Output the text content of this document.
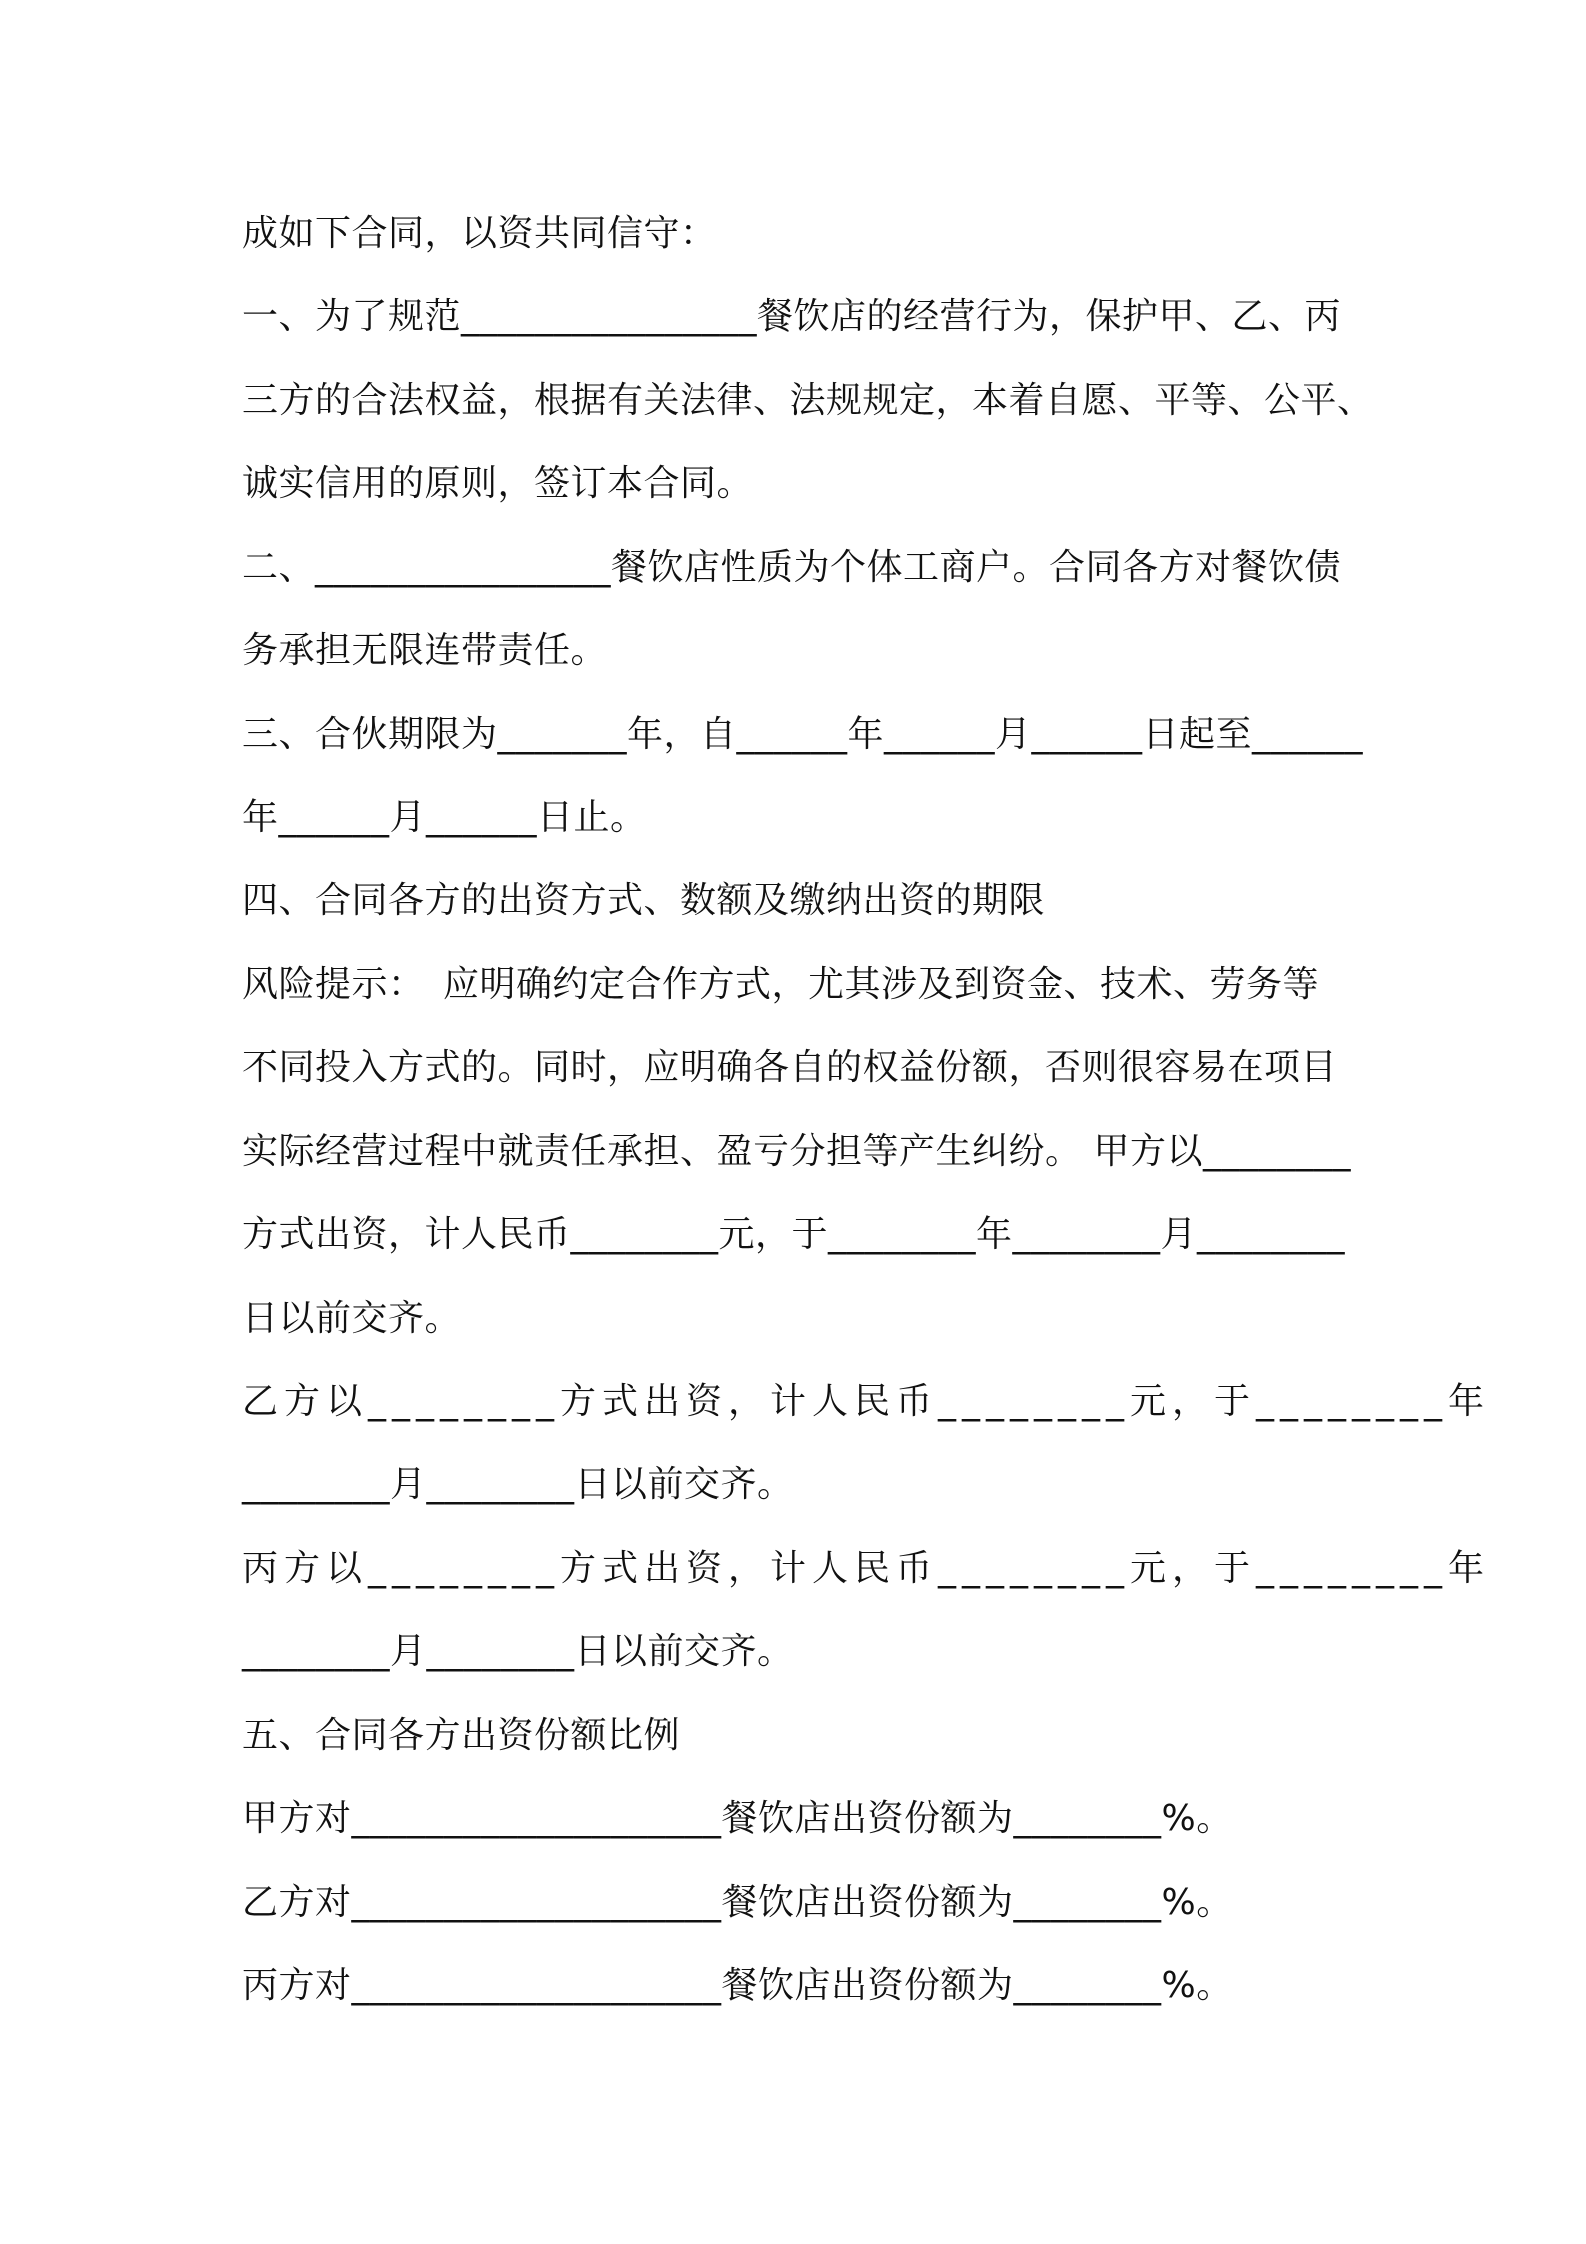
成如下合同，以资共同信守：
一、为了规范________________餐饮店的经营行为，保护甲、乙、丙
三方的合法权益，根据有关法律、法规规定，本着自愿、平等、公平、
诚实信用的原则，签订本合同。
二、________________餐饮店性质为个体工商户。合同各方对餐饮债
务承担无限连带责任。
三、合伙期限为_______年，自______年______月______日起至______
年______月______日止。
四、合同各方的出资方式、数额及缴纳出资的期限
风险提示：　应明确约定合作方式，尤其涉及到资金、技术、劳务等
不同投入方式的。同时，应明确各自的权益份额，否则很容易在项目
实际经营过程中就责任承担、盈亏分担等产生纠纷。 甲方以________
方式出资，计人民币________元，于________年________月________
日以前交齐。
乙方以________方式出资，计人民币________元，于________年
________月________日以前交齐。
丙方以________方式出资，计人民币________元，于________年
________月________日以前交齐。
五、合同各方出资份额比例
甲方对____________________餐饮店出资份额为________%。
乙方对____________________餐饮店出资份额为________%。
丙方对____________________餐饮店出资份额为________%。
